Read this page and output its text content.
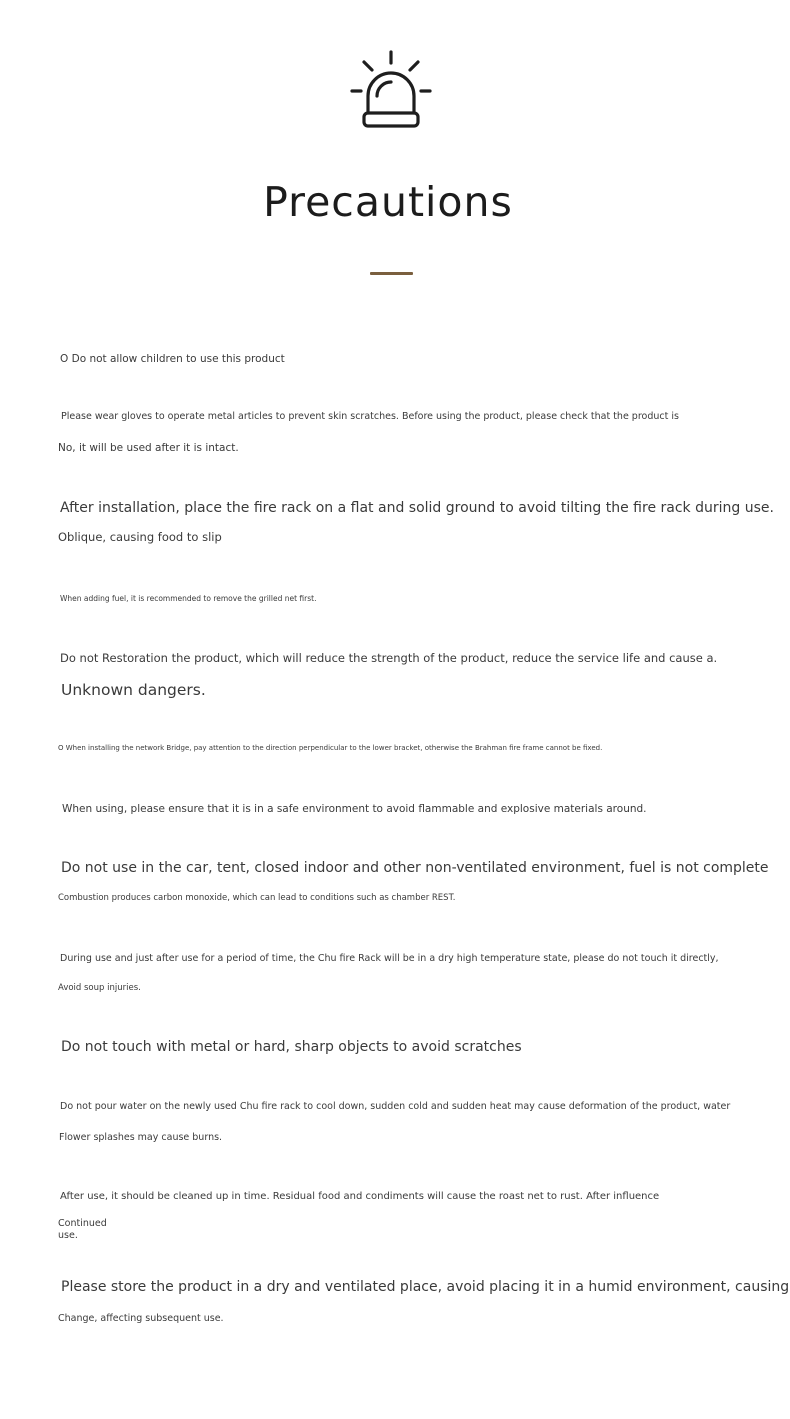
Precautions
O Do not allow children to use this product
Please wear gloves to operate metal articles to prevent skin scratches. Before using the product, please check that the product is
No, it will be used after it is intact.
After installation, place the fire rack on a flat and solid ground to avoid tilting the fire rack during use.
Oblique, causing food to slip
When adding fuel, it is recommended to remove the grilled net first.
Do not Restoration the product, which will reduce the strength of the product, reduce the service life and cause a.
Unknown dangers.
O When installing the network Bridge, pay attention to the direction perpendicular to the lower bracket, otherwise the Brahman fire frame cannot be fixed.
When using, please ensure that it is in a safe environment to avoid flammable and explosive materials around.
Do not use in the car, tent, closed indoor and other non-ventilated environment, fuel is not complete
Combustion produces carbon monoxide, which can lead to conditions such as chamber REST.
During use and just after use for a period of time, the Chu fire Rack will be in a dry high temperature state, please do not touch it directly,
Avoid soup injuries.
Do not touch with metal or hard, sharp objects to avoid scratches
Do not pour water on the newly used Chu fire rack to cool down, sudden cold and sudden heat may cause deformation of the product, water
Flower splashes may cause burns.
After use, it should be cleaned up in time. Residual food and condiments will cause the roast net to rust. After influence
Continued
use.
Please store the product in a dry and ventilated place, avoid placing it in a humid environment, causing
Change, affecting subsequent use.
